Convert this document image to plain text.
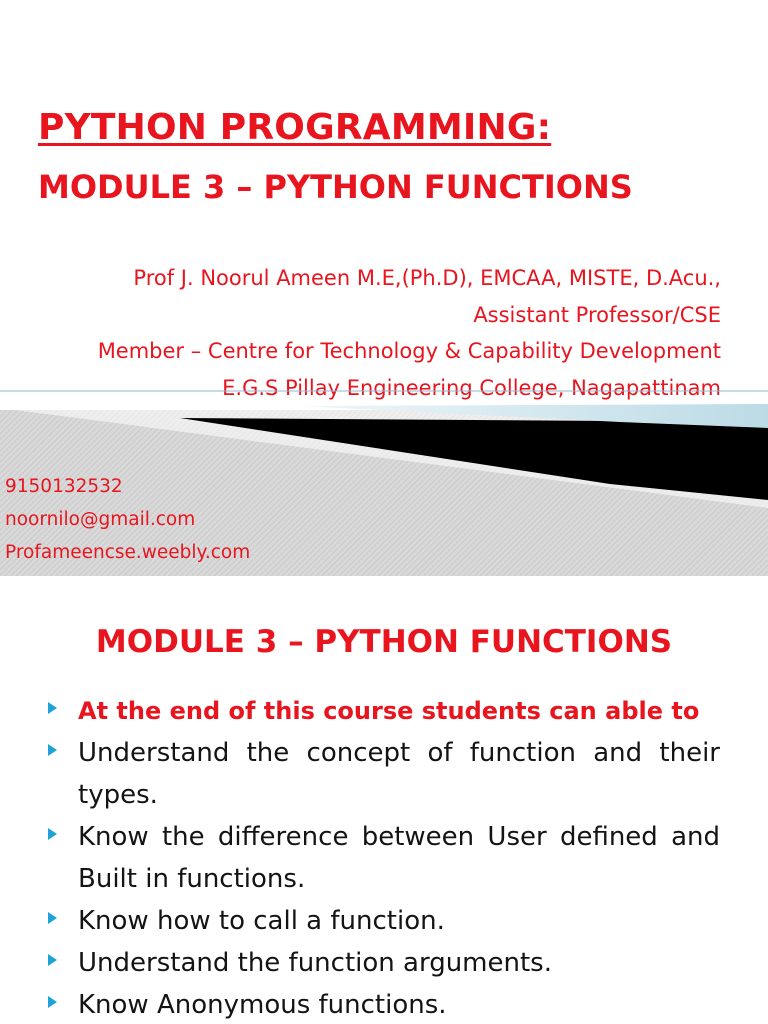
PYTHON PROGRAMMING:
MODULE 3 – PYTHON FUNCTIONS
Prof J. Noorul Ameen M.E,(Ph.D), EMCAA, MISTE, D.Acu.,
Assistant Professor/CSE
Member – Centre for Technology & Capability Development
E.G.S Pillay Engineering College, Nagapattinam
9150132532
noornilo@gmail.com
Profameencse.weebly.com
MODULE 3 – PYTHON FUNCTIONS
At the end of this course students can able to
Understand the concept of function and their types.
Know the difference between User defined and Built in functions.
Know how to call a function.
Understand the function arguments.
Know Anonymous functions.
